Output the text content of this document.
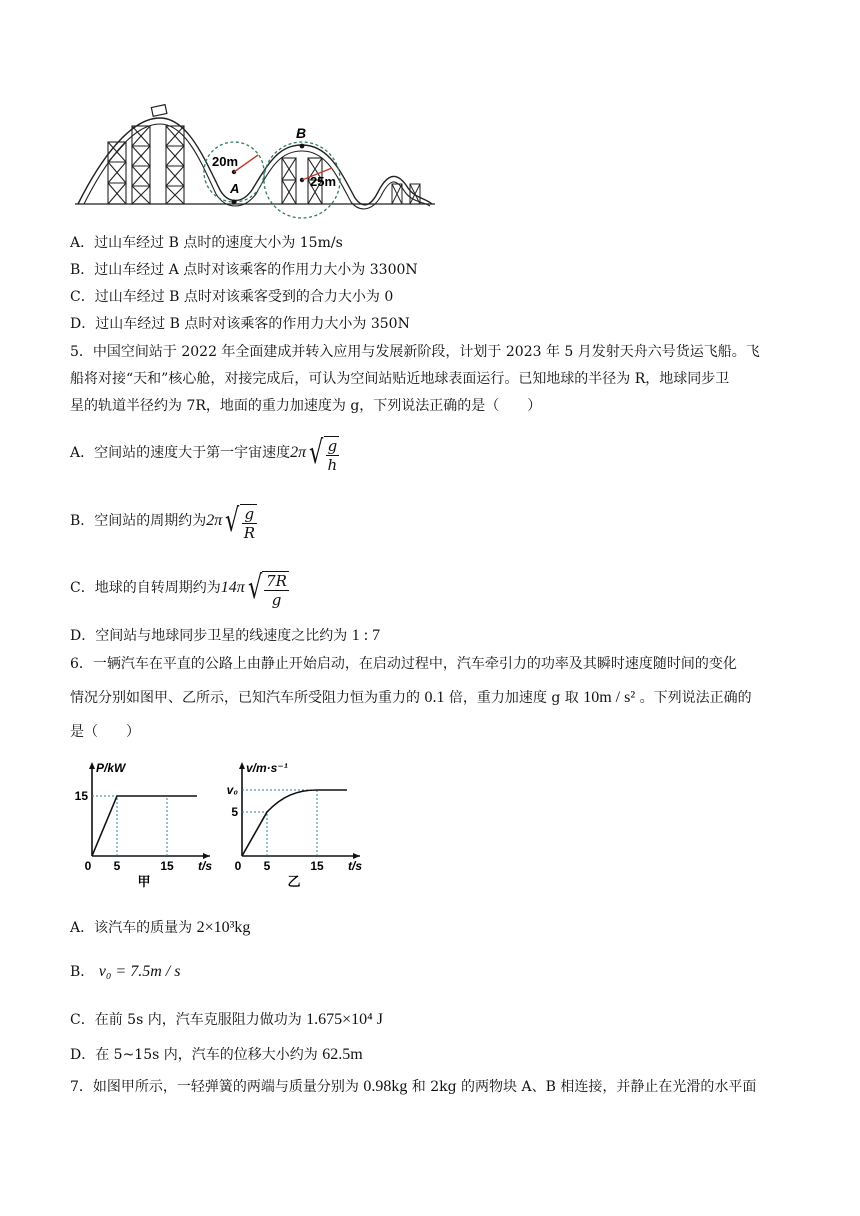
20m
A	25m
B
A．过山车经过 B 点时的速度大小为 15m/s
B．过山车经过 A 点时对该乘客的作用力大小为 3300N
C．过山车经过 B 点时对该乘客受到的合力大小为 0
D．过山车经过 B 点时对该乘客的作用力大小为 350N
5．中国空间站于 2022 年全面建成并转入应用与发展新阶段，计划于 2023 年 5 月发射天舟六号货运飞船。飞
船将对接“天和”核心舱，对接完成后，可认为空间站贴近地球表面运行。已知地球的半径为 R，地球同步卫
星的轨道半径约为 7R，地面的重力加速度为 g，下列说法正确的是（　　）
A．空间站的速度大于第一宇宙速度 2π √ $\frac{g}{h}$
B．空间站的周期约为 2π √ $\frac{g}{R}$
C．地球的自转周期约为 14π √ $\frac{7R}{g}$
D．空间站与地球同步卫星的线速度之比约为 1 : 7
6．一辆汽车在平直的公路上由静止开始启动，在启动过程中，汽车牵引力的功率及其瞬时速度随时间的变化
情况分别如图甲、乙所示，已知汽车所受阻力恒为重力的 0.1 倍，重力加速度 g 取 10m / s² 。下列说法正确的
是（　　）
P/kW
t/s
15
0 5	15
甲
v/m·s⁻¹
t/s
v₀
5
0 5	15
乙
A．该汽车的质量为 2×10³kg
B． v₀ = 7.5m / s
C．在前 5s 内，汽车克服阻力做功为 1.675×10⁴ J
D．在 5~15s 内，汽车的位移大小约为 62.5m
7．如图甲所示，一轻弹簧的两端与质量分别为 0.98kg 和 2kg 的两物块 A、B 相连接，并静止在光滑的水平面
